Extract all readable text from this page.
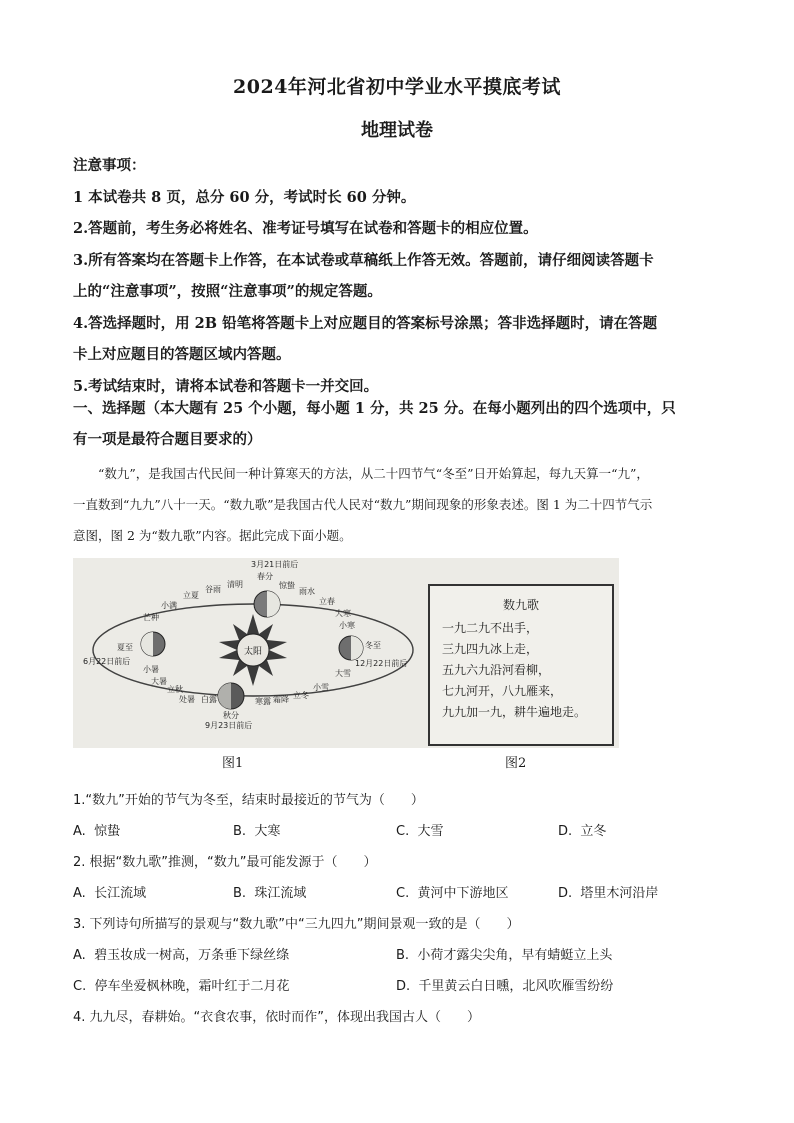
2024年河北省初中学业水平摸底考试
地理试卷
注意事项：
1 本试卷共 8 页，总分 60 分，考试时长 60 分钟。
2.答题前，考生务必将姓名、准考证号填写在试卷和答题卡的相应位置。
3.所有答案均在答题卡上作答，在本试卷或草稿纸上作答无效。答题前，请仔细阅读答题卡
上的“注意事项”，按照“注意事项”的规定答题。
4.答选择题时，用 2B 铅笔将答题卡上对应题目的答案标号涂黑；答非选择题时，请在答题
卡上对应题目的答题区域内答题。
5.考试结束时，请将本试卷和答题卡一并交回。
一、选择题（本大题有 25 个小题，每小题 1 分，共 25 分。在每小题列出的四个选项中，只
有一项是最符合题目要求的）
“数九”，是我国古代民间一种计算寒天的方法，从二十四节气“冬至”日开始算起，每九天算一“九”，
一直数到“九九”八十一天。“数九歌”是我国古代人民对“数九”期间现象的形象表述。图 1 为二十四节气示
意图，图 2 为“数九歌”内容。据此完成下面小题。
太阳
3月21日前后
6月22日前后
9月23日前后
12月22日前后
春分
清明
谷雨
立夏
小满
芒种
夏至
小暑
大暑
立秋
处暑 白露
秋分
寒露 霜降 立冬
小雪
大雪
冬至
小寒
大寒
立春
雨水
惊蛰
数九歌
一九二九不出手，
三九四九冰上走，
五九六九沿河看柳，
七九河开，八九雁来，
九九加一九，耕牛遍地走。
图1	图2
1.“数九”开始的节气为冬至，结束时最接近的节气为（　　）
A. 惊蛰	B. 大寒	C. 大雪	D. 立冬
2. 根据“数九歌”推测，“数九”最可能发源于（　　）
A. 长江流域	B. 珠江流域	C. 黄河中下游地区	D. 塔里木河沿岸
3. 下列诗句所描写的景观与“数九歌”中“三九四九”期间景观一致的是（　　）
A. 碧玉妆成一树高，万条垂下绿丝绦	B. 小荷才露尖尖角，早有蜻蜓立上头
C. 停车坐爱枫林晚，霜叶红于二月花	D. 千里黄云白日曛，北风吹雁雪纷纷
4. 九九尽，春耕始。“衣食农事，依时而作”，体现出我国古人（　　）
